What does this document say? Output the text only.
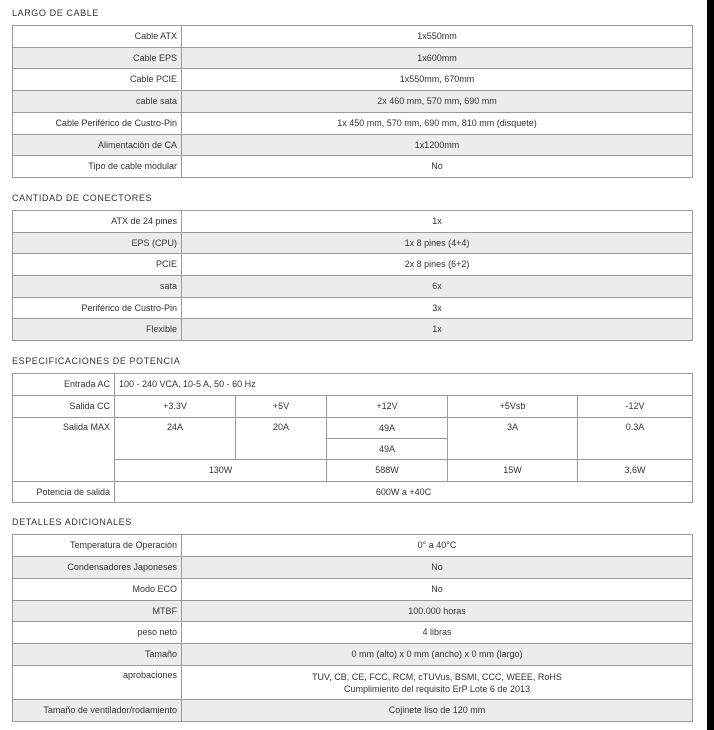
LARGO DE CABLE
Cable ATX	1x550mm
Cable EPS	1x600mm
Cable PCIE	1x550mm, 670mm
cable sata	2x 460 mm, 570 mm, 690 mm
Cable Periférico de Custro-Pin	1x 450 mm, 570 mm, 690 mm, 810 mm (disquete)
Alimentación de CA	1x1200mm
Tipo de cable modular	No
CANTIDAD DE CONECTORES
ATX de 24 pines	1x
EPS (CPU)	1x 8 pines (4+4)
PCIE	2x 8 pines (6+2)
sata	6x
Periférico de Custro-Pin	3x
Flexible	1x
ESPECIFICACIONES DE POTENCIA
Entrada AC	100 - 240 VCA, 10-5 A, 50 - 60 Hz				
Salida CC	+3.3V	+5V	+12V	+5Vsb	-12V
Salida MAX	24A	20A	49A	3A	0.3A
			49A		
	130W		588W	15W	3,6W
Potencia de salida	600W a +40C				
DETALLES ADICIONALES
Temperatura de Operación	0° a 40°C
Condensadores Japoneses	No
Modo ECO	No
MTBF	100.000 horas
peso neto	4 libras
Tamaño	0 mm (alto) x 0 mm (ancho) x 0 mm (largo)
aprobaciones	TUV, CB, CE, FCC, RCM, cTUVus, BSMI, CCC, WEEE, RoHS
Cumplimiento del requisito ErP Lote 6 de 2013

Tamaño de ventilador/rodamiento	Cojinete liso de 120 mm
